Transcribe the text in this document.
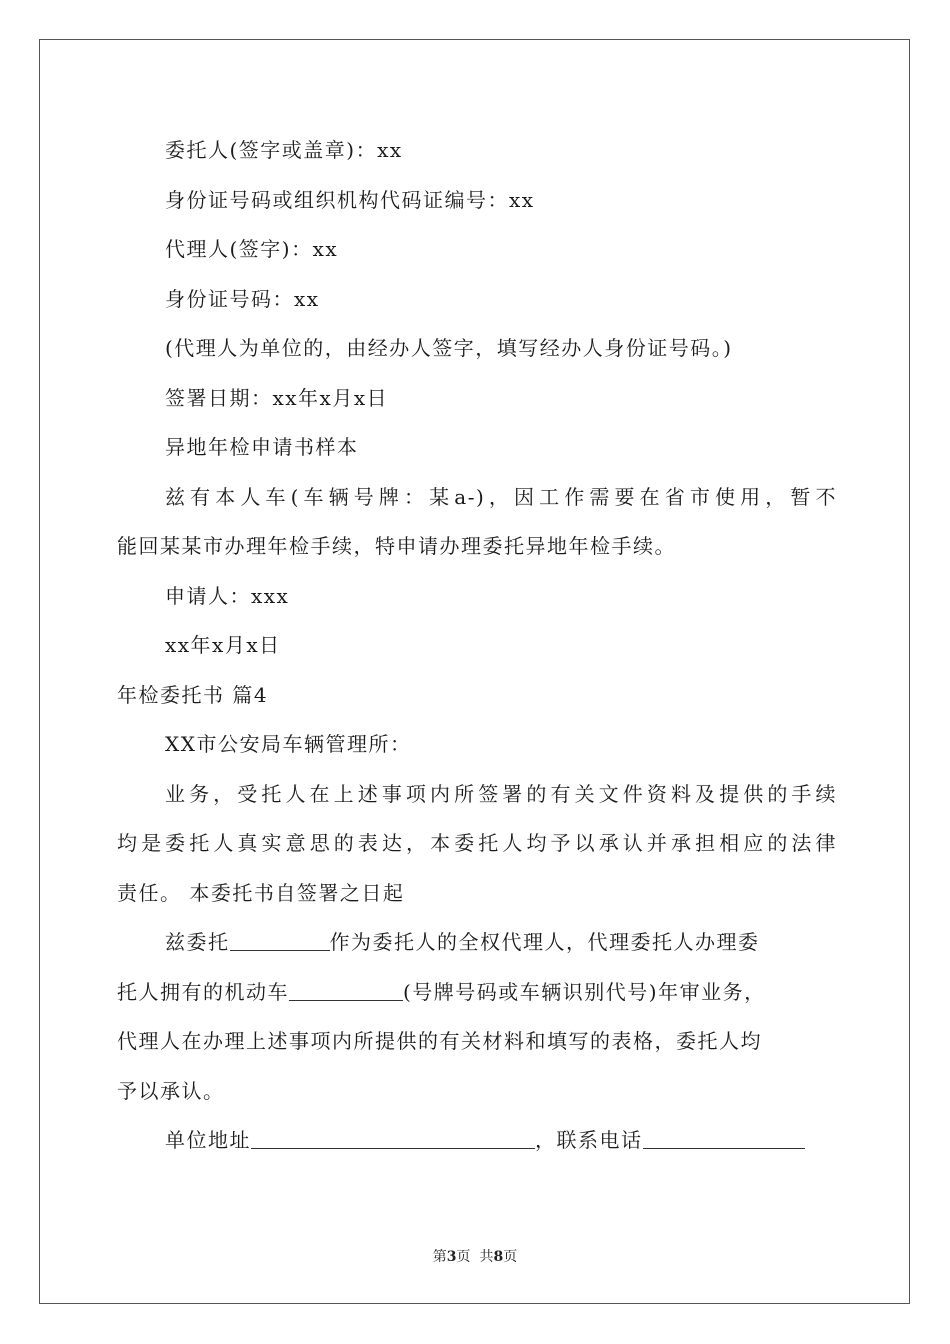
委托人(签字或盖章)：xx
身份证号码或组织机构代码证编号：xx
代理人(签字)：xx
身份证号码：xx
(代理人为单位的，由经办人签字，填写经办人身份证号码。)
签署日期：xx年x月x日
异地年检申请书样本
兹有本人车(车辆号牌：某a-)，因工作需要在省市使用，暂不
能回某某市办理年检手续，特申请办理委托异地年检手续。
申请人：xxx
xx年x月x日
年检委托书 篇4
XX市公安局车辆管理所：
业务，受托人在上述事项内所签署的有关文件资料及提供的手续
均是委托人真实意思的表达，本委托人均予以承认并承担相应的法律
责任。 本委托书自签署之日起
兹委托	作为委托人的全权代理人，代理委托人办理委
托人拥有的机动车	(号牌号码或车辆识别代号)年审业务，
代理人在办理上述事项内所提供的有关材料和填写的表格，委托人均
予以承认。
单位地址	，联系电话
第3页  共8页
